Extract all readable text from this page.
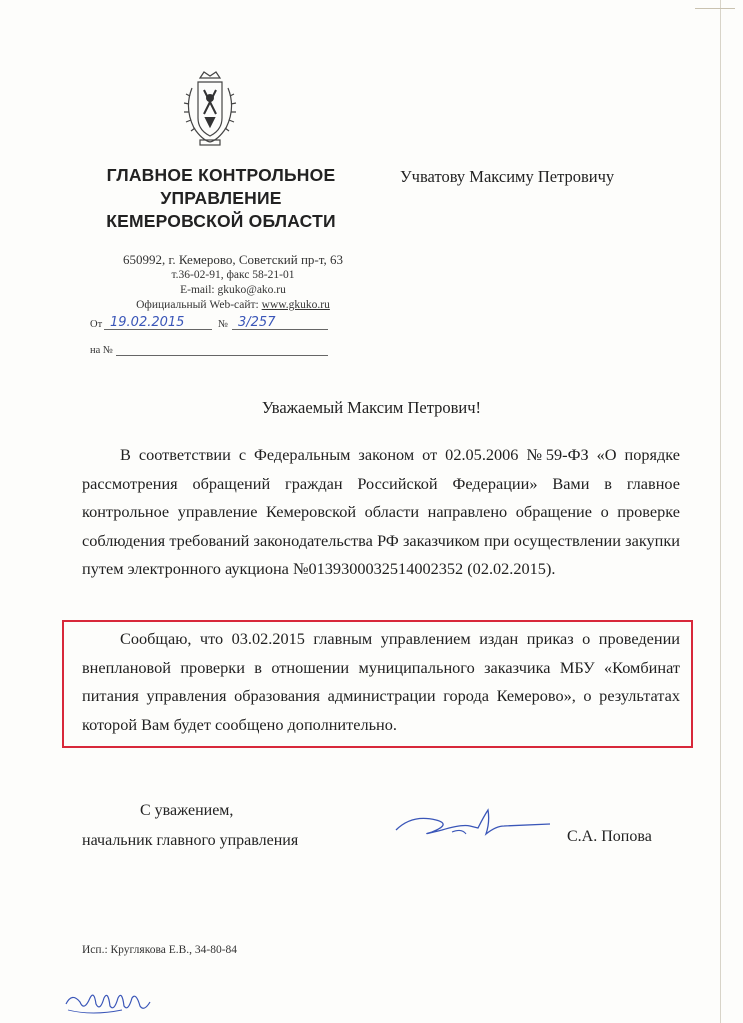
ГЛАВНОЕ КОНТРОЛЬНОЕ
УПРАВЛЕНИЕ
КЕМЕРОВСКОЙ ОБЛАСТИ
Учватову Максиму Петровичу
650992, г. Кемерово, Советский пр-т, 63
т.36-02-91, факс 58-21-01
E-mail: gkuko@ako.ru
Официальный Web-сайт: www.gkuko.ru
От 19.02.2015	№ 3/257
на №
Уважаемый Максим Петрович!

В соответствии с Федеральным законом от 02.05.2006 №59-ФЗ «О порядке рассмотрения обращений граждан Российской Федерации» Вами в главное контрольное управление Кемеровской области направлено обращение о проверке соблюдения требований законодательства РФ заказчиком при осуществлении закупки путем электронного аукциона №0139300032514002352 (02.02.2015).

Сообщаю, что 03.02.2015 главным управлением издан приказ о проведении внеплановой проверки в отношении муниципального заказчика МБУ «Комбинат питания управления образования администрации города Кемерово», о результатах которой Вам будет сообщено дополнительно.

С уважением,
начальник главного управления	С.А. Попова
Исп.: Круглякова Е.В., 34-80-84
